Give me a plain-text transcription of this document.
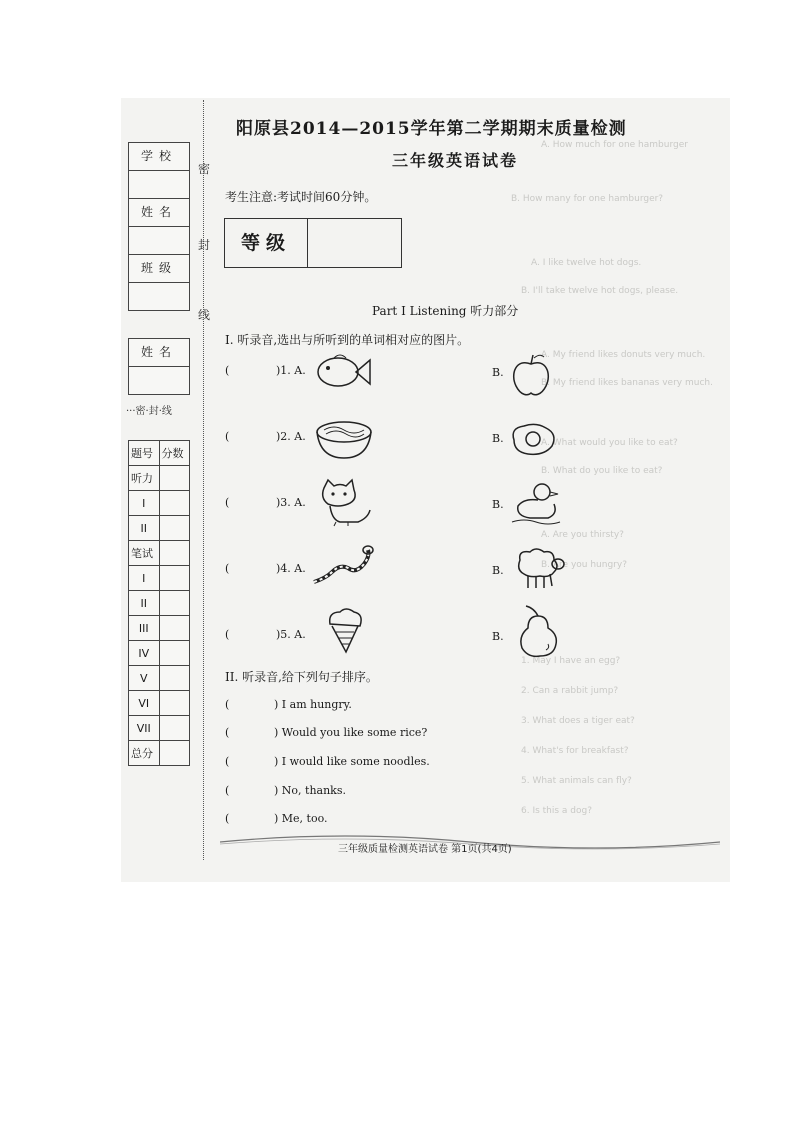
A. How much for one hamburger
B. How many for one hamburger?
A. I like twelve hot dogs.
B. I'll take twelve hot dogs, please.
A. My friend likes donuts very much.
B. My friend likes bananas very much.
A. What would you like to eat?
B. What do you like to eat?
A. Are you thirsty?
B. Are you hungry?
1. May I have an egg?
2. Can a rabbit jump?
3. What does a tiger eat?
4. What's for breakfast?
5. What animals can fly?
6. Is this a dog?
密
封
线
学校
姓名
班级
姓名
···密·封·线
题号	分数
听力	
I	
II	
笔试	
I	
II	
III	
IV	
V	
VI	
VII	
总分	
阳原县2014—2015学年第二学期期末质量检测
三年级英语试卷
考生注意:考试时间60分钟。
等级
Part I Listening 听力部分
I. 听录音,选出与所听到的单词相对应的图片。
(	)1. A.	B.
(	)2. A.	B.
(	)3. A.	B.
(	)4. A.	B.
(	)5. A.	B.
II. 听录音,给下列句子排序。
(	) I am hungry.
(	) Would you like some rice?
(	) I would like some noodles.
(	) No, thanks.
(	) Me, too.
三年级质量检测英语试卷 第1页(共4页)
